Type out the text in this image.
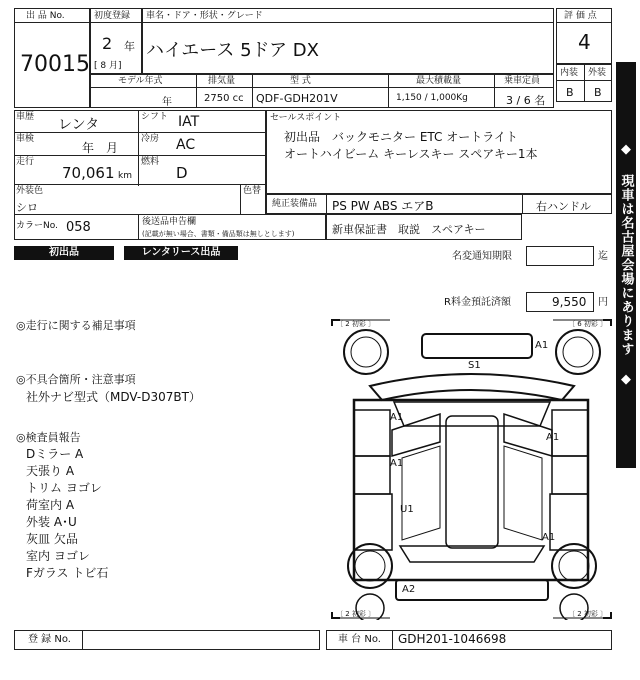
出 品 No.
70015
初度登録
2 年
[ 8 月]
車名・ドア・形状・グレード
ハイエース 5ドア DX
評 価 点
4
内装 外装
B B
モデル年式
年
排気量
2750 cc
型 式
QDF-GDH201V
最大積載量
1,150 / 1,000Kg
乗車定員
3 / 6 名
車歴 レンタ	シフト IAT
車検
年　月
冷房 AC
走行
70,061 km
燃料
D
外装色
シロ
色替
カラーNo. 058	後送品申告欄
(記載が無い場合、書類・備品類は無しとします)
セールスポイント
初出品　バックモニター ETC オートライト
オートハイビーム キーレスキー スペアキー1本
純正装備品 PS PW ABS エアB	右ハンドル
新車保証書　取説　スペアキー
初出品	レンタリース出品	名変通知期限	迄
R料金預託済額	9,550 円
◎走行に関する補足事項
◎不具合箇所・注意事項
社外ナビ型式（MDV-D307BT）
◎検査員報告
Dミラー A
天張り A
トリム ヨゴレ
荷室内 A
外装 A･U
灰皿 欠品
室内 ヨゴレ
Fガラス トビ石
〔 2 初彩 〕	〔 6 初彩 〕
〔 2 初彩 〕	〔 2 初彩 〕
A1
S1
A1
A1
A1
U1
A1
A2
◆ 現車は名古屋会場にあります ◆
登 録 No.	車 台 No. GDH201-1046698
